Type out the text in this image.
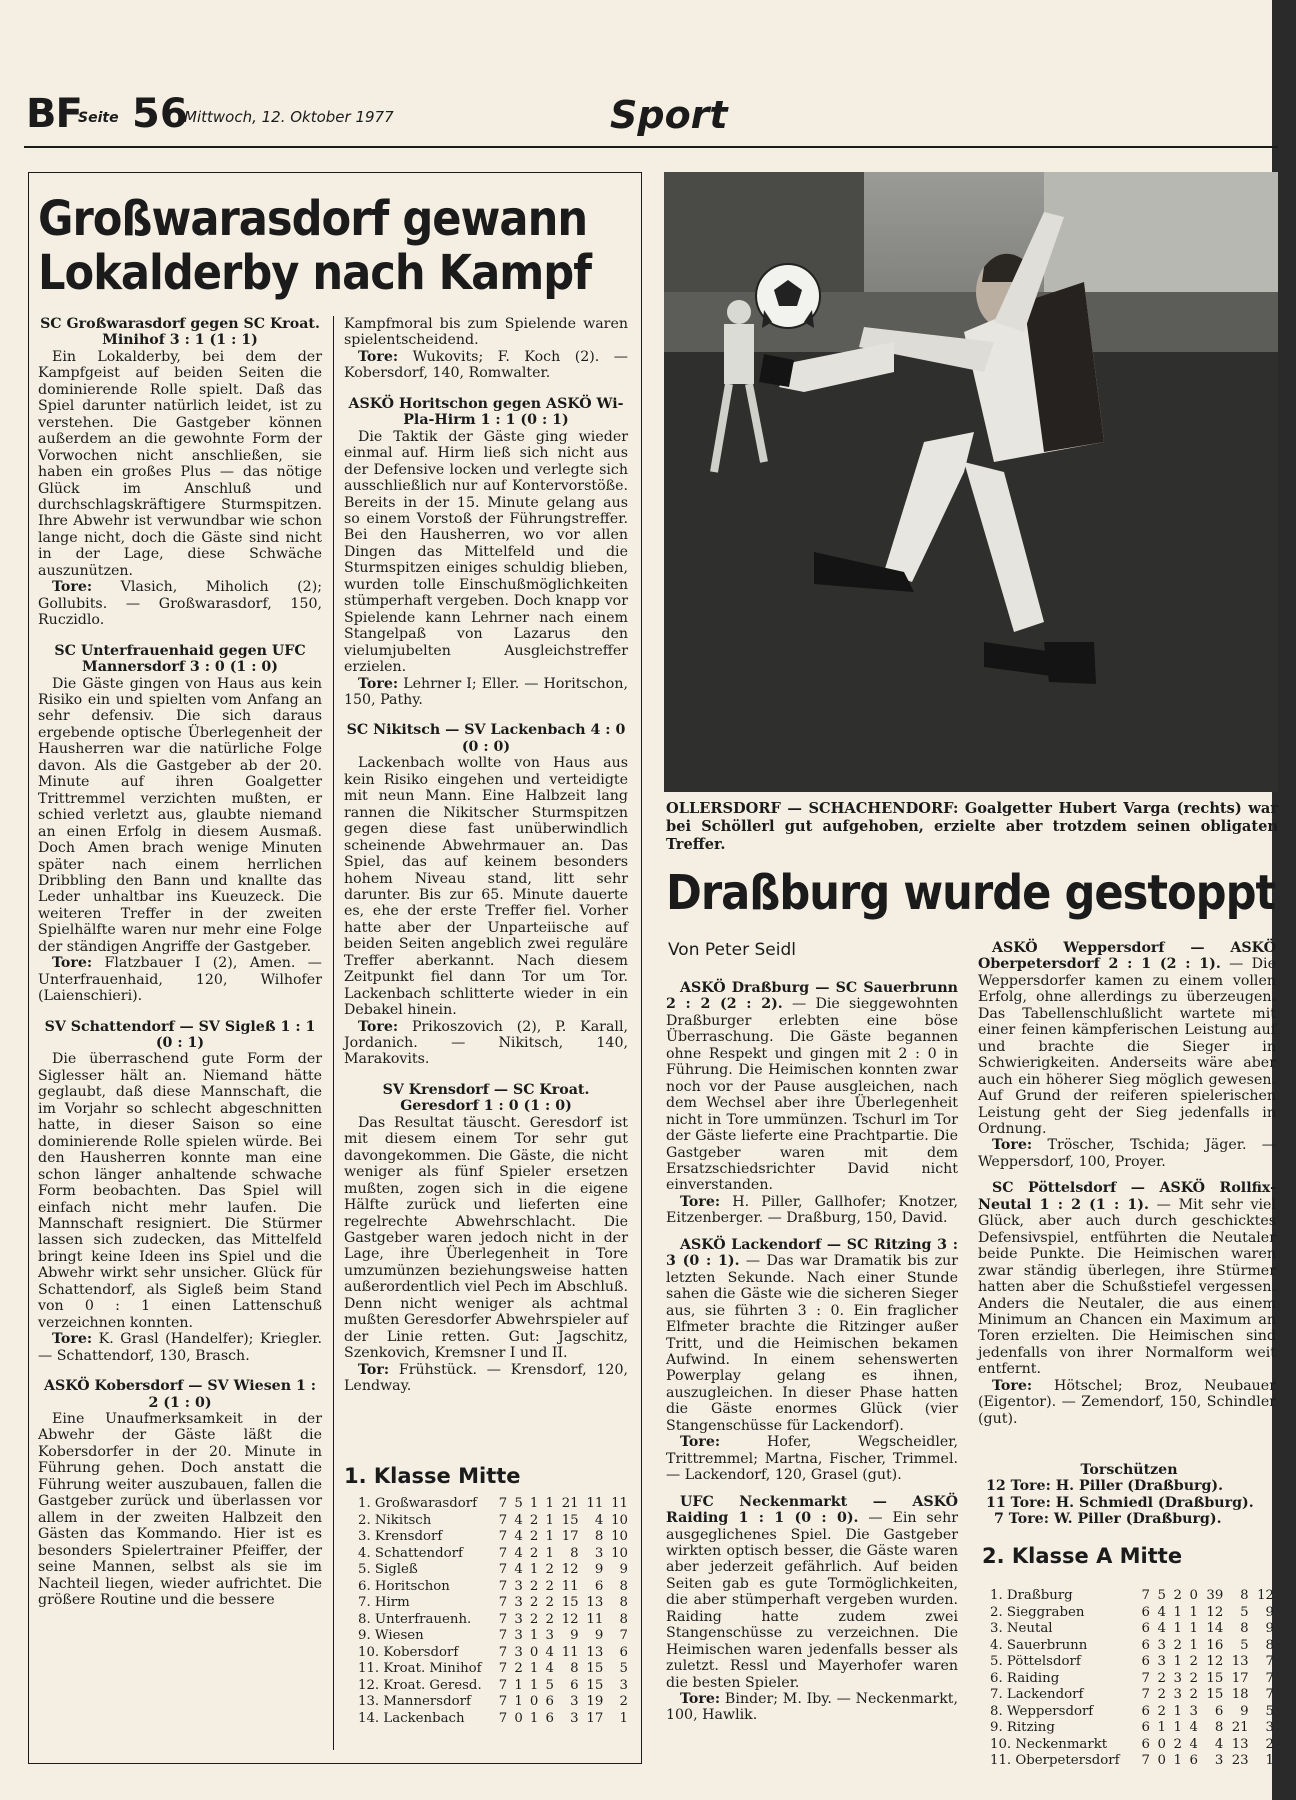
BF
Seite 56
Mittwoch, 12. Oktober 1977	Sport
Großwarasdorf gewann
Lokalderby nach Kampf

SC Großwarasdorf gegen SC Kroat. Minihof 3 : 1 (1 : 1)

Ein Lokalderby, bei dem der Kampfgeist auf beiden Seiten die dominierende Rolle spielt. Daß das Spiel darunter natürlich leidet, ist zu verstehen. Die Gastgeber können außerdem an die gewohnte Form der Vorwochen nicht anschließen, sie haben ein großes Plus — das nötige Glück im Anschluß und durchschlagskräftigere Sturmspitzen. Ihre Abwehr ist verwundbar wie schon lange nicht, doch die Gäste sind nicht in der Lage, diese Schwäche auszunützen.

Tore: Vlasich, Miholich (2); Gollubits. — Großwarasdorf, 150, Ruczidlo.

SC Unterfrauenhaid gegen UFC Mannersdorf 3 : 0 (1 : 0)

Die Gäste gingen von Haus aus kein Risiko ein und spielten vom Anfang an sehr defensiv. Die sich daraus ergebende optische Überlegenheit der Hausherren war die natürliche Folge davon. Als die Gastgeber ab der 20. Minute auf ihren Goalgetter Trittremmel verzichten mußten, er schied verletzt aus, glaubte niemand an einen Erfolg in diesem Ausmaß. Doch Amen brach wenige Minuten später nach einem herrlichen Dribbling den Bann und knallte das Leder unhaltbar ins Kueuzeck. Die weiteren Treffer in der zweiten Spielhälfte waren nur mehr eine Folge der ständigen Angriffe der Gastgeber.

Tore: Flatzbauer I (2), Amen. — Unterfrauenhaid, 120, Wilhofer (Laienschieri).

SV Schattendorf — SV Sigleß 1 : 1 (0 : 1)

Die überraschend gute Form der Siglesser hält an. Niemand hätte geglaubt, daß diese Mannschaft, die im Vorjahr so schlecht abgeschnitten hatte, in dieser Saison so eine dominierende Rolle spielen würde. Bei den Hausherren konnte man eine schon länger anhaltende schwache Form beobachten. Das Spiel will einfach nicht mehr laufen. Die Mannschaft resigniert. Die Stürmer lassen sich zudecken, das Mittelfeld bringt keine Ideen ins Spiel und die Abwehr wirkt sehr unsicher. Glück für Schattendorf, als Sigleß beim Stand von 0 : 1 einen Lattenschuß verzeichnen konnten.

Tore: K. Grasl (Handelfer); Kriegler. — Schattendorf, 130, Brasch.

ASKÖ Kobersdorf — SV Wiesen 1 : 2 (1 : 0)

Eine Unaufmerksamkeit in der Abwehr der Gäste läßt die Kobersdorfer in der 20. Minute in Führung gehen. Doch anstatt die Führung weiter auszubauen, fallen die Gastgeber zurück und überlassen vor allem in der zweiten Halbzeit den Gästen das Kommando. Hier ist es besonders Spielertrainer Pfeiffer, der seine Mannen, selbst als sie im Nachteil liegen, wieder aufrichtet. Die größere Routine und die bessere

Kampfmoral bis zum Spielende waren spielentscheidend.

Tore: Wukovits; F. Koch (2). — Kobersdorf, 140, Romwalter.

ASKÖ Horitschon gegen ASKÖ Wi-Pla-Hirm 1 : 1 (0 : 1)

Die Taktik der Gäste ging wieder einmal auf. Hirm ließ sich nicht aus der Defensive locken und verlegte sich ausschließlich nur auf Kontervorstöße. Bereits in der 15. Minute gelang aus so einem Vorstoß der Führungstreffer. Bei den Hausherren, wo vor allen Dingen das Mittelfeld und die Sturmspitzen einiges schuldig blieben, wurden tolle Einschußmöglichkeiten stümperhaft vergeben. Doch knapp vor Spielende kann Lehrner nach einem Stangelpaß von Lazarus den vielumjubelten Ausgleichstreffer erzielen.

Tore: Lehrner I; Eller. — Horitschon, 150, Pathy.

SC Nikitsch — SV Lackenbach 4 : 0 (0 : 0)

Lackenbach wollte von Haus aus kein Risiko eingehen und verteidigte mit neun Mann. Eine Halbzeit lang rannen die Nikitscher Sturmspitzen gegen diese fast unüberwindlich scheinende Abwehrmauer an. Das Spiel, das auf keinem besonders hohem Niveau stand, litt sehr darunter. Bis zur 65. Minute dauerte es, ehe der erste Treffer fiel. Vorher hatte aber der Unparteiische auf beiden Seiten angeblich zwei reguläre Treffer aberkannt. Nach diesem Zeitpunkt fiel dann Tor um Tor. Lackenbach schlitterte wieder in ein Debakel hinein.

Tore: Prikoszovich (2), P. Karall, Jordanich. — Nikitsch, 140, Marakovits.

SV Krensdorf — SC Kroat. Geresdorf 1 : 0 (1 : 0)

Das Resultat täuscht. Geresdorf ist mit diesem einem Tor sehr gut davongekommen. Die Gäste, die nicht weniger als fünf Spieler ersetzen mußten, zogen sich in die eigene Hälfte zurück und lieferten eine regelrechte Abwehrschlacht. Die Gastgeber waren jedoch nicht in der Lage, ihre Überlegenheit in Tore umzumünzen beziehungsweise hatten außerordentlich viel Pech im Abschluß. Denn nicht weniger als achtmal mußten Geresdorfer Abwehrspieler auf der Linie retten. Gut: Jagschitz, Szenkovich, Kremsner I und II.

Tor: Frühstück. — Krensdorf, 120, Lendway.

1. Klasse Mitte
1. Großwarasdorf	7	5	1	1	21	11	11
2. Nikitsch	7	4	2	1	15	4	10
3. Krensdorf	7	4	2	1	17	8	10
4. Schattendorf	7	4	2	1	8	3	10
5. Sigleß	7	4	1	2	12	9	9
6. Horitschon	7	3	2	2	11	6	8
7. Hirm	7	3	2	2	15	13	8
8. Unterfrauenh.	7	3	2	2	12	11	8
9. Wiesen	7	3	1	3	9	9	7
10. Kobersdorf	7	3	0	4	11	13	6
11. Kroat. Minihof	7	2	1	4	8	15	5
12. Kroat. Geresd.	7	1	1	5	6	15	3
13. Mannersdorf	7	1	0	6	3	19	2
14. Lackenbach	7	0	1	6	3	17	1
OLLERSDORF — SCHACHENDORF: Goalgetter Hubert Varga (rechts) war bei Schöllerl gut aufgehoben, erzielte aber trotzdem seinen obligaten Treffer.
Draßburg wurde gestoppt
Von Peter Seidl

ASKÖ Draßburg — SC Sauerbrunn 2 : 2 (2 : 2). — Die sieggewohnten Draßburger erlebten eine böse Überraschung. Die Gäste begannen ohne Respekt und gingen mit 2 : 0 in Führung. Die Heimischen konnten zwar noch vor der Pause ausgleichen, nach dem Wechsel aber ihre Überlegenheit nicht in Tore ummünzen. Tschurl im Tor der Gäste lieferte eine Prachtpartie. Die Gastgeber waren mit dem Ersatzschiedsrichter David nicht einverstanden.

Tore: H. Piller, Gallhofer; Knotzer, Eitzenberger. — Draßburg, 150, David.

ASKÖ Lackendorf — SC Ritzing 3 : 3 (0 : 1). — Das war Dramatik bis zur letzten Sekunde. Nach einer Stunde sahen die Gäste wie die sicheren Sieger aus, sie führten 3 : 0. Ein fraglicher Elfmeter brachte die Ritzinger außer Tritt, und die Heimischen bekamen Aufwind. In einem sehenswerten Powerplay gelang es ihnen, auszugleichen. In dieser Phase hatten die Gäste enormes Glück (vier Stangenschüsse für Lackendorf).

Tore:	Hofer, Wegscheidler, Trittremmel; Martna, Fischer, Trimmel. — Lackendorf, 120, Grasel (gut).

UFC Neckenmarkt — ASKÖ Raiding 1 : 1 (0 : 0). — Ein sehr ausgeglichenes Spiel. Die Gastgeber wirkten optisch besser, die Gäste waren aber jederzeit gefährlich. Auf beiden Seiten gab es gute Tormöglichkeiten, die aber stümperhaft vergeben wurden. Raiding hatte zudem zwei Stangenschüsse zu verzeichnen. Die Heimischen waren jedenfalls besser als zuletzt. Ressl und Mayerhofer waren die besten Spieler.

Tore: Binder; M. Iby. — Neckenmarkt, 100, Hawlik.

ASKÖ Weppersdorf — ASKÖ Oberpetersdorf 2 : 1 (2 : 1). — Die Weppersdorfer kamen zu einem vollen Erfolg, ohne allerdings zu überzeugen. Das Tabellenschlußlicht wartete mit einer feinen kämpferischen Leistung auf und brachte die Sieger in Schwierigkeiten. Anderseits wäre aber auch ein höherer Sieg möglich gewesen. Auf Grund der reiferen spielerischen Leistung geht der Sieg jedenfalls in Ordnung.

Tore: Tröscher, Tschida; Jäger. — Weppersdorf, 100, Proyer.

SC Pöttelsdorf — ASKÖ Rollfix-Neutal 1 : 2 (1 : 1). — Mit sehr viel Glück, aber auch durch geschicktes Defensivspiel, entführten die Neutaler beide Punkte. Die Heimischen waren zwar ständig überlegen, ihre Stürmer hatten aber die Schußstiefel vergessen. Anders die Neutaler, die aus einem Minimum an Chancen ein Maximum an Toren erzielten. Die Heimischen sind jedenfalls von ihrer Normalform weit entfernt.

Tore: Hötschel; Broz, Neubauer (Eigentor). — Zemendorf, 150, Schindler (gut).

Torschützen
12 Tore: H. Piller (Draßburg).
11 Tore: H. Schmiedl (Draßburg).
7 Tore: W. Piller (Draßburg).
2. Klasse A Mitte
1. Draßburg	7	5	2	0	39	8	12
2. Sieggraben	6	4	1	1	12	5	9
3. Neutal	6	4	1	1	14	8	9
4. Sauerbrunn	6	3	2	1	16	5	8
5. Pöttelsdorf	6	3	1	2	12	13	7
6. Raiding	7	2	3	2	15	17	7
7. Lackendorf	7	2	3	2	15	18	7
8. Weppersdorf	6	2	1	3	6	9	5
9. Ritzing	6	1	1	4	8	21	3
10. Neckenmarkt	6	0	2	4	4	13	2
11. Oberpetersdorf	7	0	1	6	3	23	1
